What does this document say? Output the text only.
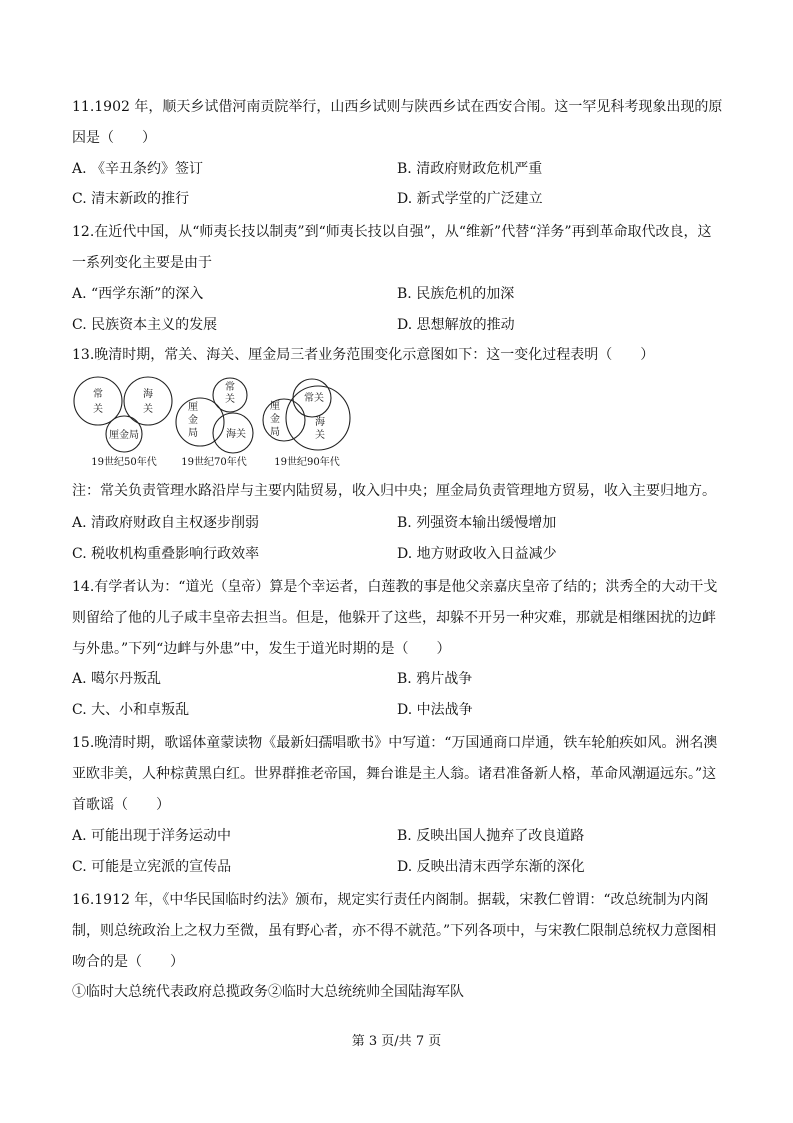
11.1902 年，顺天乡试借河南贡院举行，山西乡试则与陕西乡试在西安合闱。这一罕见科考现象出现的原因是（　　）

A. 《辛丑条约》签订	B. 清政府财政危机严重
C. 清末新政的推行	D. 新式学堂的广泛建立

12.在近代中国，从“师夷长技以制夷”到“师夷长技以自强”，从“维新”代替“洋务”再到革命取代改良，这一系列变化主要是由于

A. “西学东渐”的深入	B. 民族危机的加深
C. 民族资本主义的发展	D. 思想解放的推动

13.晚清时期，常关、海关、厘金局三者业务范围变化示意图如下：这一变化过程表明（　　）

常
关
海
关
厘金局
常
关
厘
金
局	海关
厘
金
局
常关
海
关
19世纪50年代 19世纪70年代	19世纪90年代
注：常关负责管理水路沿岸与主要内陆贸易，收入归中央；厘金局负责管理地方贸易，收入主要归地方。
A. 清政府财政自主权逐步削弱	B. 列强资本输出缓慢增加
C. 税收机构重叠影响行政效率	D. 地方财政收入日益减少

14.有学者认为：“道光（皇帝）算是个幸运者，白莲教的事是他父亲嘉庆皇帝了结的；洪秀全的大动干戈则留给了他的儿子咸丰皇帝去担当。但是，他躲开了这些，却躲不开另一种灾难，那就是相继困扰的边衅与外患。”下列“边衅与外患”中，发生于道光时期的是（　　）

A. 噶尔丹叛乱	B. 鸦片战争
C. 大、小和卓叛乱	D. 中法战争

15.晚清时期，歌谣体童蒙读物《最新妇孺唱歌书》中写道：“万国通商口岸通，铁车轮舶疾如风。洲名澳亚欧非美，人种棕黄黑白红。世界群推老帝国，舞台谁是主人翁。诸君准备新人格，革命风潮逼远东。”这首歌谣（　　）

A. 可能出现于洋务运动中	B. 反映出国人抛弃了改良道路
C. 可能是立宪派的宣传品	D. 反映出清末西学东渐的深化

16.1912 年，《中华民国临时约法》颁布，规定实行责任内阁制。据载，宋教仁曾谓：“改总统制为内阁制，则总统政治上之权力至微，虽有野心者，亦不得不就范。”下列各项中，与宋教仁限制总统权力意图相吻合的是（　　）

①临时大总统代表政府总揽政务②临时大总统统帅全国陆海军队
第 3 页/共 7 页
